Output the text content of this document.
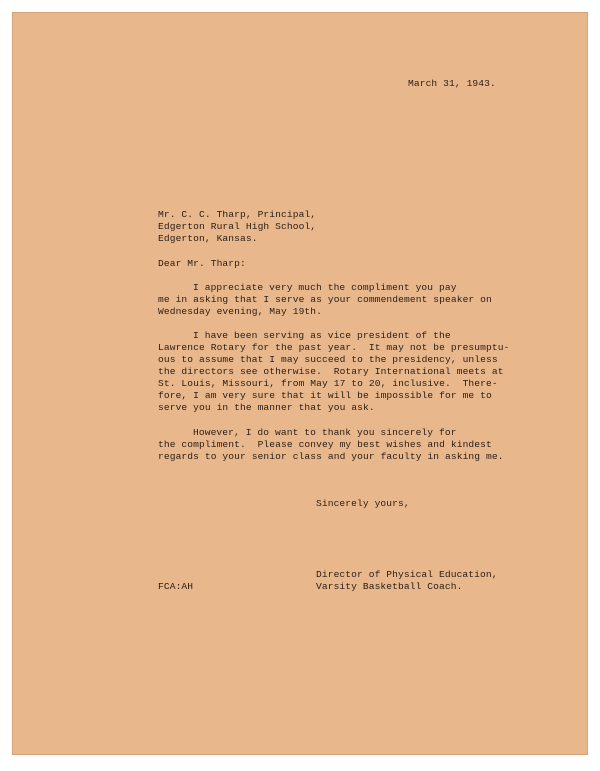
March 31, 1943.

Mr. C. C. Tharp, Principal,

Edgerton Rural High School,

Edgerton, Kansas.

Dear Mr. Tharp:

I appreciate very much the compliment you pay

me in asking that I serve as your commendement speaker on

Wednesday evening, May 19th.

I have been serving as vice president of the

Lawrence Rotary for the past year.  It may not be presumptu-

ous to assume that I may succeed to the presidency, unless

the directors see otherwise.  Rotary International meets at

St. Louis, Missouri, from May 17 to 20, inclusive.  There-

fore, I am very sure that it will be impossible for me to

serve you in the manner that you ask.

However, I do want to thank you sincerely for

the compliment.  Please convey my best wishes and kindest

regards to your senior class and your faculty in asking me.

Sincerely yours,

Director of Physical Education,

Varsity Basketball Coach.

FCA:AH
